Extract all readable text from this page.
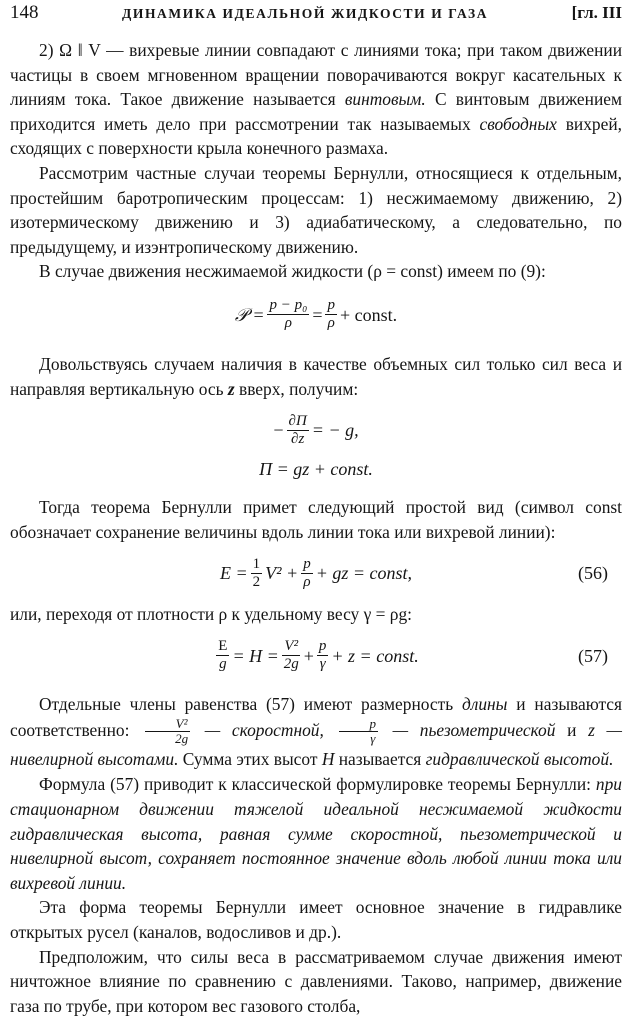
148	ДИНАМИКА ИДЕАЛЬНОЙ ЖИДКОСТИ И ГАЗА	[гл. III

2) Ω ‖ V — вихревые линии совпадают с линиями тока; при таком движении частицы в своем мгновенном вращении поворачиваются вокруг касательных к линиям тока. Такое движение называется винтовым. С винтовым движением приходится иметь дело при рассмотрении так называемых свободных вихрей, сходящих с поверхности крыла конечного размаха.

Рассмотрим частные случаи теоремы Бернулли, относящиеся к отдельным, простейшим баротропическим процессам: 1) несжимаемому движению, 2) изотермическому движению и 3) адиабатическому, а следовательно, по предыдущему, и изэнтропическому движению.

В случае движения несжимаемой жидкости (ρ = const) имеем по (9):

𝒫 = $\frac{\text{p − p₀}}{\rho} = \frac{p}{\rho}$ + const.

Довольствуясь случаем наличия в качестве объемных сил только сил веса и направляя вертикальную ось z вверх, получим:

− $\frac{\partial\Pi}{\partial z}$ = − g,
Π = gz + const.

Тогда теорема Бернулли примет следующий простой вид (символ const обозначает сохранение величины вдоль линии тока или вихревой линии):

$E = \frac{1}{2} V^2 + \frac{p}{\rho}$ + gz = const,	(56)

или, переходя от плотности ρ к удельному весу γ = ρg:

$\frac{E}{g} = H = \frac{\text{V²}}{2g} + \frac{p}{\gamma} + z$ = const.	(57)

Отдельные члены равенства (57) имеют размерность длины и называются соответственно: $\frac{\text{V²}}{2g}$ — скоростной, $\frac{p}{\gamma}$ — пьезометрической и z — нивелирной высотами. Сумма этих высот H называется гидравлической высотой.

Формула (57) приводит к классической формулировке теоремы Бернулли: при стационарном движении тяжелой идеальной несжимаемой жидкости гидравлическая высота, равная сумме скоростной, пьезометрической и нивелирной высот, сохраняет постоянное значение вдоль любой линии тока или вихревой линии.

Эта форма теоремы Бернулли имеет основное значение в гидравлике открытых русел (каналов, водосливов и др.).

Предположим, что силы веса в рассматриваемом случае движения имеют ничтожное влияние по сравнению с давлениями. Таково, например, движение газа по трубе, при котором вес газового столба,
